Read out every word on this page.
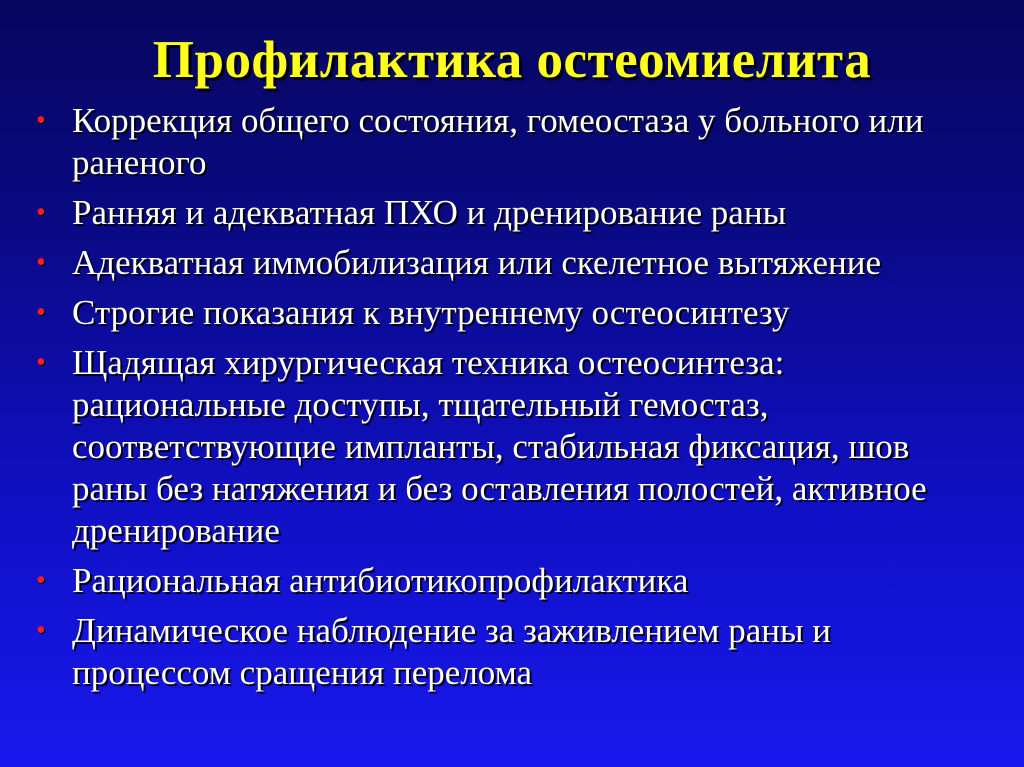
Профилактика остеомиелита
• Коррекция общего состояния, гомеостаза у больного или раненого
• Ранняя и адекватная ПХО и дренирование раны
• Адекватная иммобилизация или скелетное вытяжение
• Строгие показания к внутреннему остеосинтезу
• Щадящая хирургическая техника остеосинтеза: рациональные доступы, тщательный гемостаз, соответствующие импланты, стабильная фиксация, шов раны без натяжения и без оставления полостей, активное дренирование
• Рациональная антибиотикопрофилактика
• Динамическое наблюдение за заживлением раны и процессом сращения перелома
